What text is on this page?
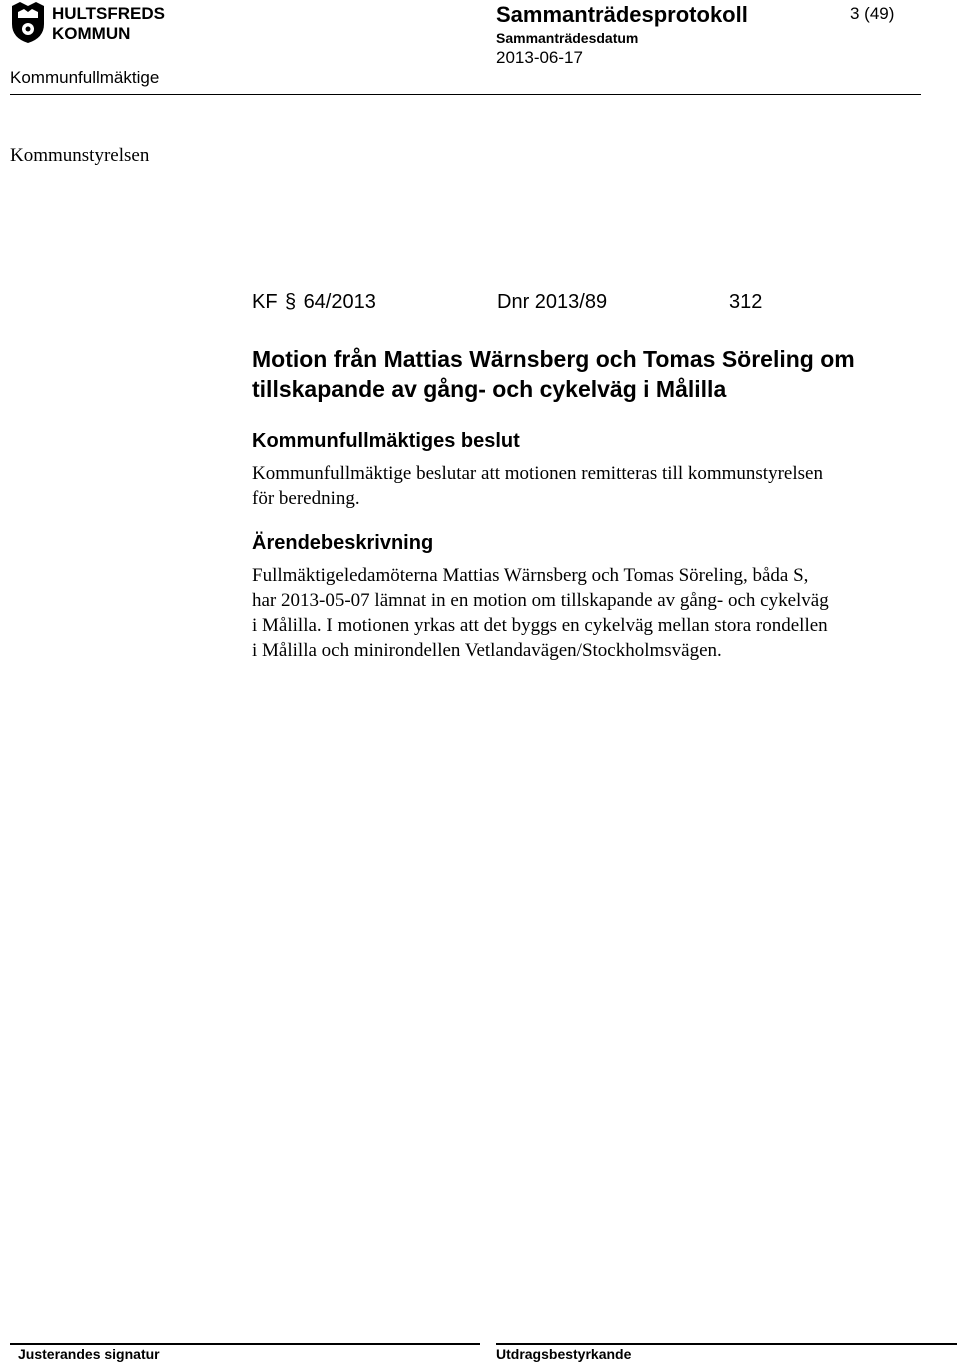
HULTSFREDS
KOMMUN
Sammanträdesprotokoll	3 (49)
Sammanträdesdatum
2013-06-17
Kommunfullmäktige
Kommunstyrelsen
KF § 64/2013	Dnr 2013/89	312
Motion från Mattias Wärnsberg och Tomas Söreling om
tillskapande av gång- och cykelväg i Målilla
Kommunfullmäktiges beslut
Kommunfullmäktige beslutar att motionen remitteras till kommunstyrelsen
för beredning.
Ärendebeskrivning
Fullmäktigeledamöterna Mattias Wärnsberg och Tomas Söreling, båda S,
har 2013-05-07 lämnat in en motion om tillskapande av gång- och cykelväg
i Målilla. I motionen yrkas att det byggs en cykelväg mellan stora rondellen
i Målilla och minirondellen Vetlandavägen/Stockholmsvägen.
Justerandes signatur	Utdragsbestyrkande
